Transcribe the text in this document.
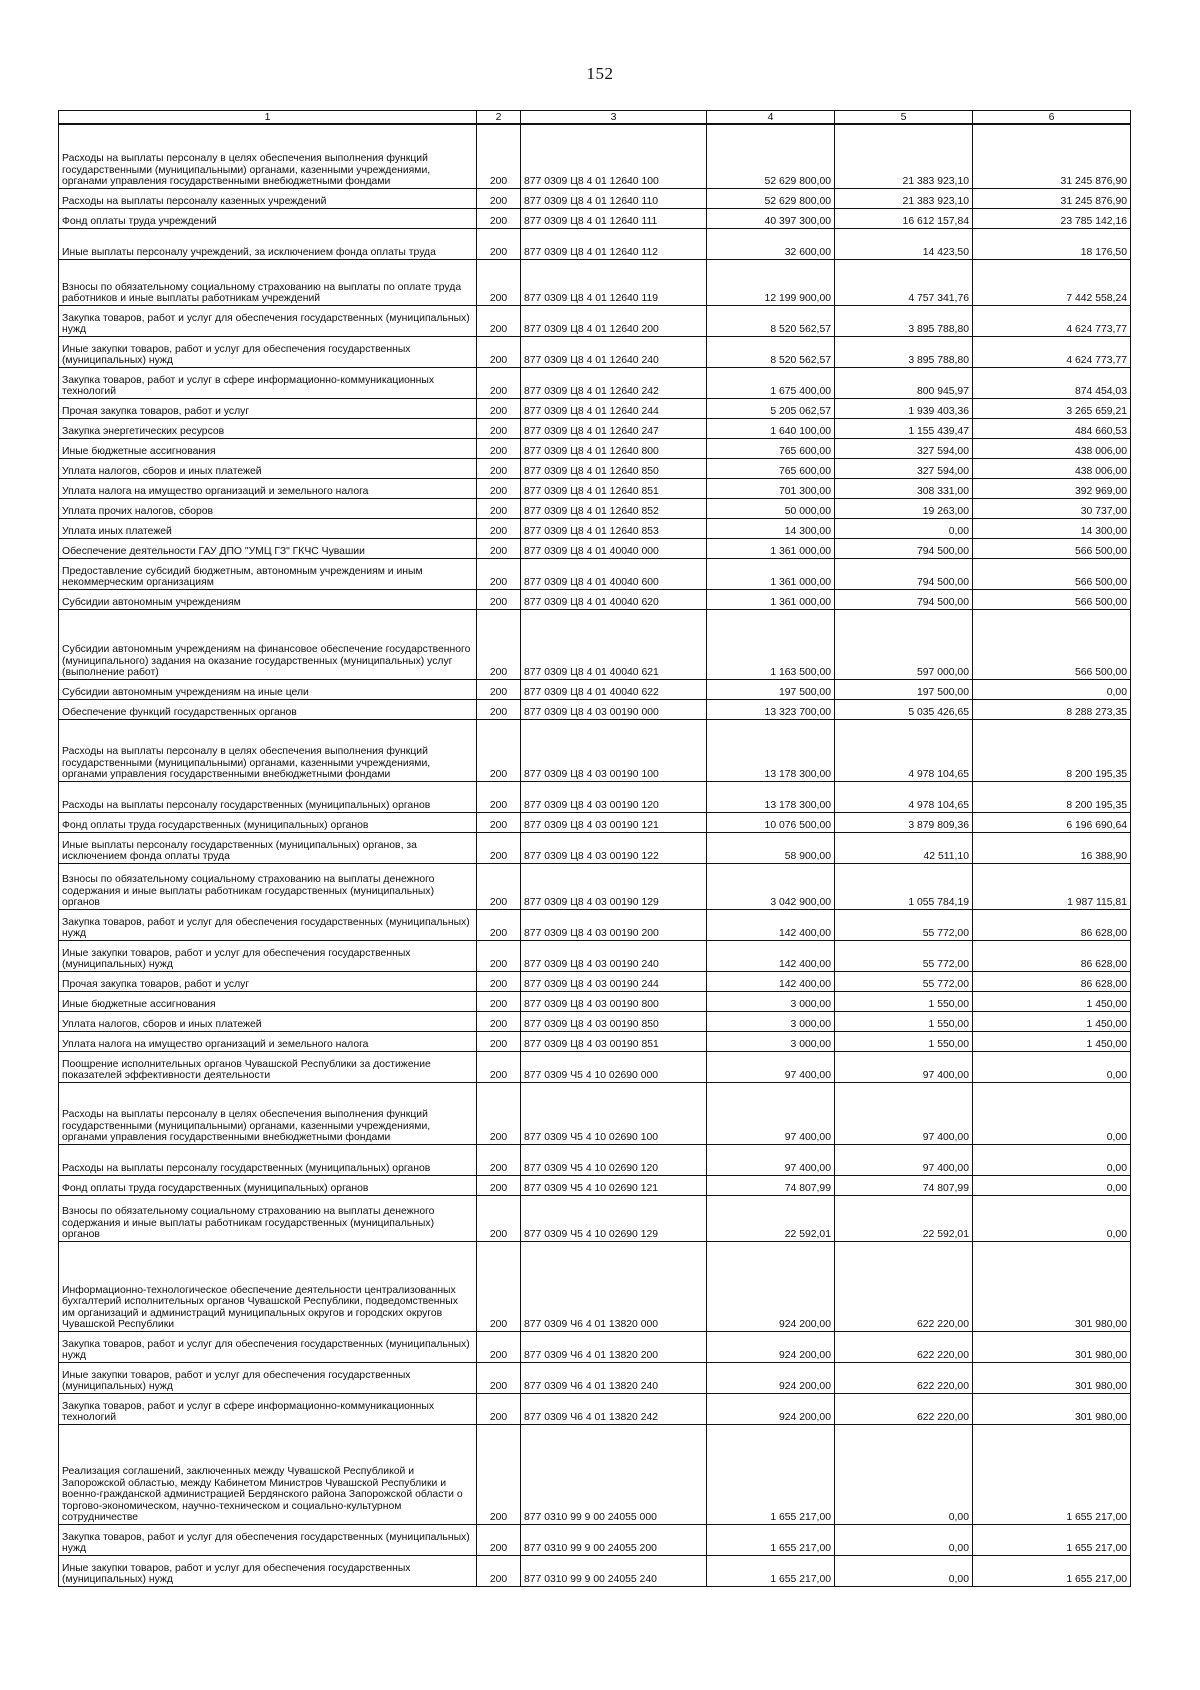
152
1	2	3	4	5	6
Расходы на выплаты персоналу в целях обеспечения выполнения функций государственными (муниципальными) органами, казенными учреждениями, органами управления государственными внебюджетными фондами	200	877 0309 Ц8 4 01 12640 100	52 629 800,00	21 383 923,10	31 245 876,90
Расходы на выплаты персоналу казенных учреждений	200	877 0309 Ц8 4 01 12640 110	52 629 800,00	21 383 923,10	31 245 876,90
Фонд оплаты труда учреждений	200	877 0309 Ц8 4 01 12640 111	40 397 300,00	16 612 157,84	23 785 142,16
Иные выплаты персоналу учреждений, за исключением фонда оплаты труда	200	877 0309 Ц8 4 01 12640 112	32 600,00	14 423,50	18 176,50
Взносы по обязательному социальному страхованию на выплаты по оплате труда работников и иные выплаты работникам учреждений	200	877 0309 Ц8 4 01 12640 119	12 199 900,00	4 757 341,76	7 442 558,24
Закупка товаров, работ и услуг для обеспечения государственных (муниципальных) нужд	200	877 0309 Ц8 4 01 12640 200	8 520 562,57	3 895 788,80	4 624 773,77
Иные закупки товаров, работ и услуг для обеспечения государственных (муниципальных) нужд	200	877 0309 Ц8 4 01 12640 240	8 520 562,57	3 895 788,80	4 624 773,77
Закупка товаров, работ и услуг в сфере информационно-коммуникационных технологий	200	877 0309 Ц8 4 01 12640 242	1 675 400,00	800 945,97	874 454,03
Прочая закупка товаров, работ и услуг	200	877 0309 Ц8 4 01 12640 244	5 205 062,57	1 939 403,36	3 265 659,21
Закупка энергетических ресурсов	200	877 0309 Ц8 4 01 12640 247	1 640 100,00	1 155 439,47	484 660,53
Иные бюджетные ассигнования	200	877 0309 Ц8 4 01 12640 800	765 600,00	327 594,00	438 006,00
Уплата налогов, сборов и иных платежей	200	877 0309 Ц8 4 01 12640 850	765 600,00	327 594,00	438 006,00
Уплата налога на имущество организаций и земельного налога	200	877 0309 Ц8 4 01 12640 851	701 300,00	308 331,00	392 969,00
Уплата прочих налогов, сборов	200	877 0309 Ц8 4 01 12640 852	50 000,00	19 263,00	30 737,00
Уплата иных платежей	200	877 0309 Ц8 4 01 12640 853	14 300,00	0,00	14 300,00
Обеспечение деятельности ГАУ ДПО "УМЦ ГЗ" ГКЧС Чувашии	200	877 0309 Ц8 4 01 40040 000	1 361 000,00	794 500,00	566 500,00
Предоставление субсидий бюджетным, автономным учреждениям и иным некоммерческим организациям	200	877 0309 Ц8 4 01 40040 600	1 361 000,00	794 500,00	566 500,00
Субсидии автономным учреждениям	200	877 0309 Ц8 4 01 40040 620	1 361 000,00	794 500,00	566 500,00
Субсидии автономным учреждениям на финансовое обеспечение государственного (муниципального) задания на оказание государственных (муниципальных) услуг (выполнение работ)	200	877 0309 Ц8 4 01 40040 621	1 163 500,00	597 000,00	566 500,00
Субсидии автономным учреждениям на иные цели	200	877 0309 Ц8 4 01 40040 622	197 500,00	197 500,00	0,00
Обеспечение функций государственных органов	200	877 0309 Ц8 4 03 00190 000	13 323 700,00	5 035 426,65	8 288 273,35
Расходы на выплаты персоналу в целях обеспечения выполнения функций государственными (муниципальными) органами, казенными учреждениями, органами управления государственными внебюджетными фондами	200	877 0309 Ц8 4 03 00190 100	13 178 300,00	4 978 104,65	8 200 195,35
Расходы на выплаты персоналу государственных (муниципальных) органов	200	877 0309 Ц8 4 03 00190 120	13 178 300,00	4 978 104,65	8 200 195,35
Фонд оплаты труда государственных (муниципальных) органов	200	877 0309 Ц8 4 03 00190 121	10 076 500,00	3 879 809,36	6 196 690,64
Иные выплаты персоналу государственных (муниципальных) органов, за исключением фонда оплаты труда	200	877 0309 Ц8 4 03 00190 122	58 900,00	42 511,10	16 388,90
Взносы по обязательному социальному страхованию на выплаты денежного содержания и иные выплаты работникам государственных (муниципальных) органов	200	877 0309 Ц8 4 03 00190 129	3 042 900,00	1 055 784,19	1 987 115,81
Закупка товаров, работ и услуг для обеспечения государственных (муниципальных) нужд	200	877 0309 Ц8 4 03 00190 200	142 400,00	55 772,00	86 628,00
Иные закупки товаров, работ и услуг для обеспечения государственных (муниципальных) нужд	200	877 0309 Ц8 4 03 00190 240	142 400,00	55 772,00	86 628,00
Прочая закупка товаров, работ и услуг	200	877 0309 Ц8 4 03 00190 244	142 400,00	55 772,00	86 628,00
Иные бюджетные ассигнования	200	877 0309 Ц8 4 03 00190 800	3 000,00	1 550,00	1 450,00
Уплата налогов, сборов и иных платежей	200	877 0309 Ц8 4 03 00190 850	3 000,00	1 550,00	1 450,00
Уплата налога на имущество организаций и земельного налога	200	877 0309 Ц8 4 03 00190 851	3 000,00	1 550,00	1 450,00
Поощрение исполнительных органов Чувашской Республики за достижение показателей эффективности деятельности	200	877 0309 Ч5 4 10 02690 000	97 400,00	97 400,00	0,00
Расходы на выплаты персоналу в целях обеспечения выполнения функций государственными (муниципальными) органами, казенными учреждениями, органами управления государственными внебюджетными фондами	200	877 0309 Ч5 4 10 02690 100	97 400,00	97 400,00	0,00
Расходы на выплаты персоналу государственных (муниципальных) органов	200	877 0309 Ч5 4 10 02690 120	97 400,00	97 400,00	0,00
Фонд оплаты труда государственных (муниципальных) органов	200	877 0309 Ч5 4 10 02690 121	74 807,99	74 807,99	0,00
Взносы по обязательному социальному страхованию на выплаты денежного содержания и иные выплаты работникам государственных (муниципальных) органов	200	877 0309 Ч5 4 10 02690 129	22 592,01	22 592,01	0,00
Информационно-технологическое обеспечение деятельности централизованных бухгалтерий исполнительных органов Чувашской Республики, подведомственных им организаций и администраций муниципальных округов и городских округов Чувашской Республики	200	877 0309 Ч6 4 01 13820 000	924 200,00	622 220,00	301 980,00
Закупка товаров, работ и услуг для обеспечения государственных (муниципальных) нужд	200	877 0309 Ч6 4 01 13820 200	924 200,00	622 220,00	301 980,00
Иные закупки товаров, работ и услуг для обеспечения государственных (муниципальных) нужд	200	877 0309 Ч6 4 01 13820 240	924 200,00	622 220,00	301 980,00
Закупка товаров, работ и услуг в сфере информационно-коммуникационных технологий	200	877 0309 Ч6 4 01 13820 242	924 200,00	622 220,00	301 980,00
Реализация соглашений, заключенных между Чувашской Республикой и Запорожской областью, между Кабинетом Министров Чувашской Республики и военно-гражданской администрацией Бердянского района Запорожской области о торгово-экономическом, научно-техническом и социально-культурном сотрудничестве	200	877 0310 99 9 00 24055 000	1 655 217,00	0,00	1 655 217,00
Закупка товаров, работ и услуг для обеспечения государственных (муниципальных) нужд	200	877 0310 99 9 00 24055 200	1 655 217,00	0,00	1 655 217,00
Иные закупки товаров, работ и услуг для обеспечения государственных (муниципальных) нужд	200	877 0310 99 9 00 24055 240	1 655 217,00	0,00	1 655 217,00
